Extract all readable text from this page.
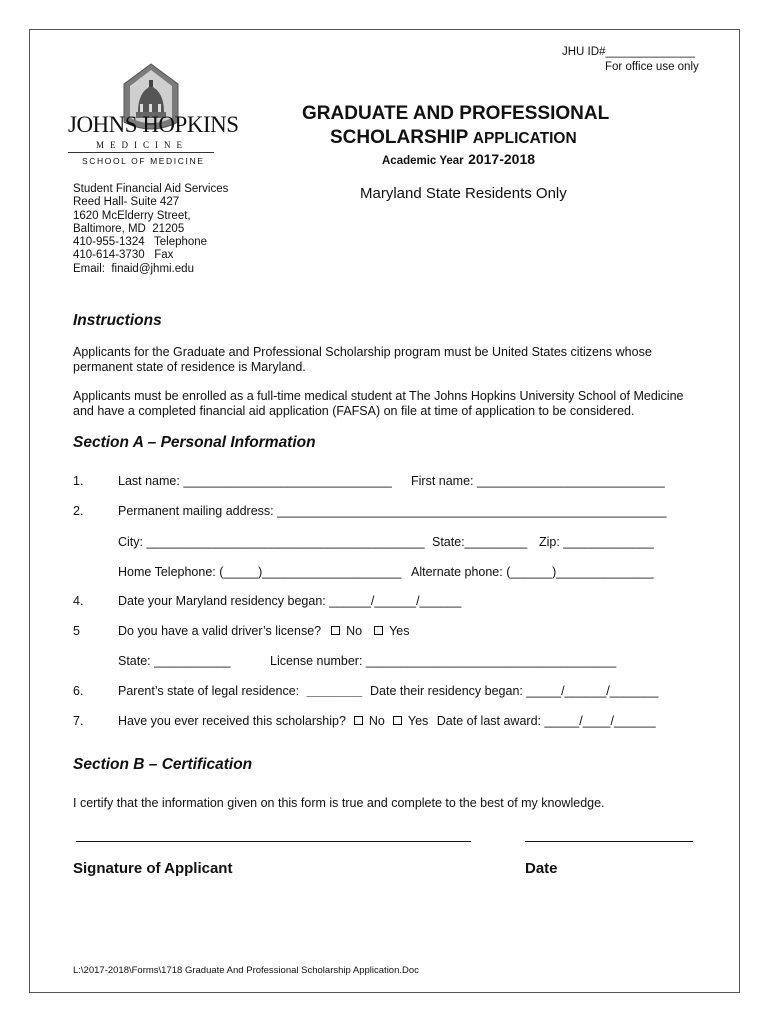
JHU ID#______________
For office use only
JOHNS HOPKINS
MEDICINE
SCHOOL OF MEDICINE
GRADUATE AND PROFESSIONAL
SCHOLARSHIP APPLICATION
Academic Year 2017-2018
Maryland State Residents Only
Student Financial Aid Services
Reed Hall- Suite 427
1620 McElderry Street,
Baltimore, MD  21205
410-955-1324   Telephone
410-614-3730   Fax
Email:  finaid@jhmi.edu
Instructions
Applicants for the Graduate and Professional Scholarship program must be United States citizens whose permanent state of residence is Maryland.
Applicants must be enrolled as a full-time medical student at The Johns Hopkins University School of Medicine and have a completed financial aid application (FAFSA) on file at time of application to be considered.
Section A – Personal Information
1.	Last name: ______________________________ First name: ___________________________
2.	Permanent mailing address: ________________________________________________________
City: ________________________________________ State:_________ Zip: _____________
Home Telephone: (_____)____________________ Alternate phone: (______)______________
4.	Date your Maryland residency began: ______/______/______
5	Do you have a valid driver’s license? No Yes
State: ___________	License number: ____________________________________
6.	Parent’s state of legal residence: ________ Date their residency began: _____/______/_______
7.	Have you ever received this scholarship? No Yes Date of last award: _____/____/______
Section B – Certification
I certify that the information given on this form is true and complete to the best of my knowledge.
Signature of Applicant	Date
L:\2017-2018\Forms\1718 Graduate And Professional Scholarship Application.Doc
